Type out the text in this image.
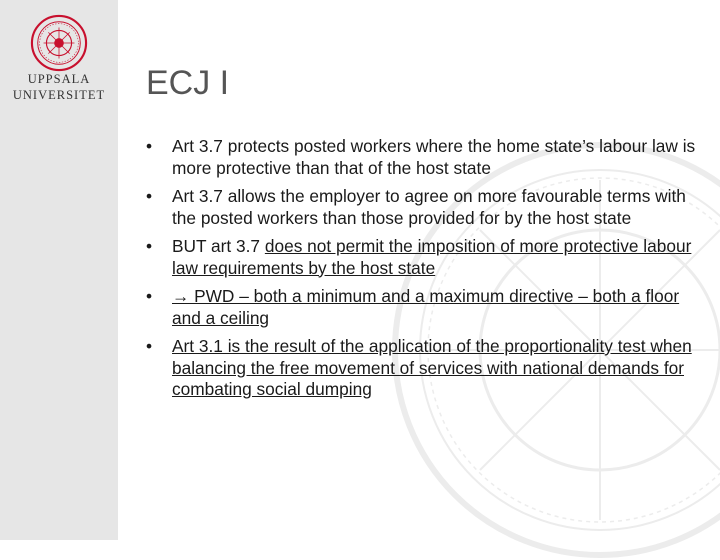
UPPSALA
UNIVERSITET	ECJ I
• Art 3.7 protects posted workers where the home state’s labour law is more protective than that of the host state
• Art 3.7 allows the employer to agree on more favourable terms with the posted workers than those provided for by the host state
• BUT art 3.7 does not permit the imposition of more protective labour law requirements by the host state
• → PWD – both a minimum and a maximum directive – both a floor and a ceiling
• Art 3.1 is the result of the application of the proportionality test when balancing the free movement of services with national demands for combating social dumping
